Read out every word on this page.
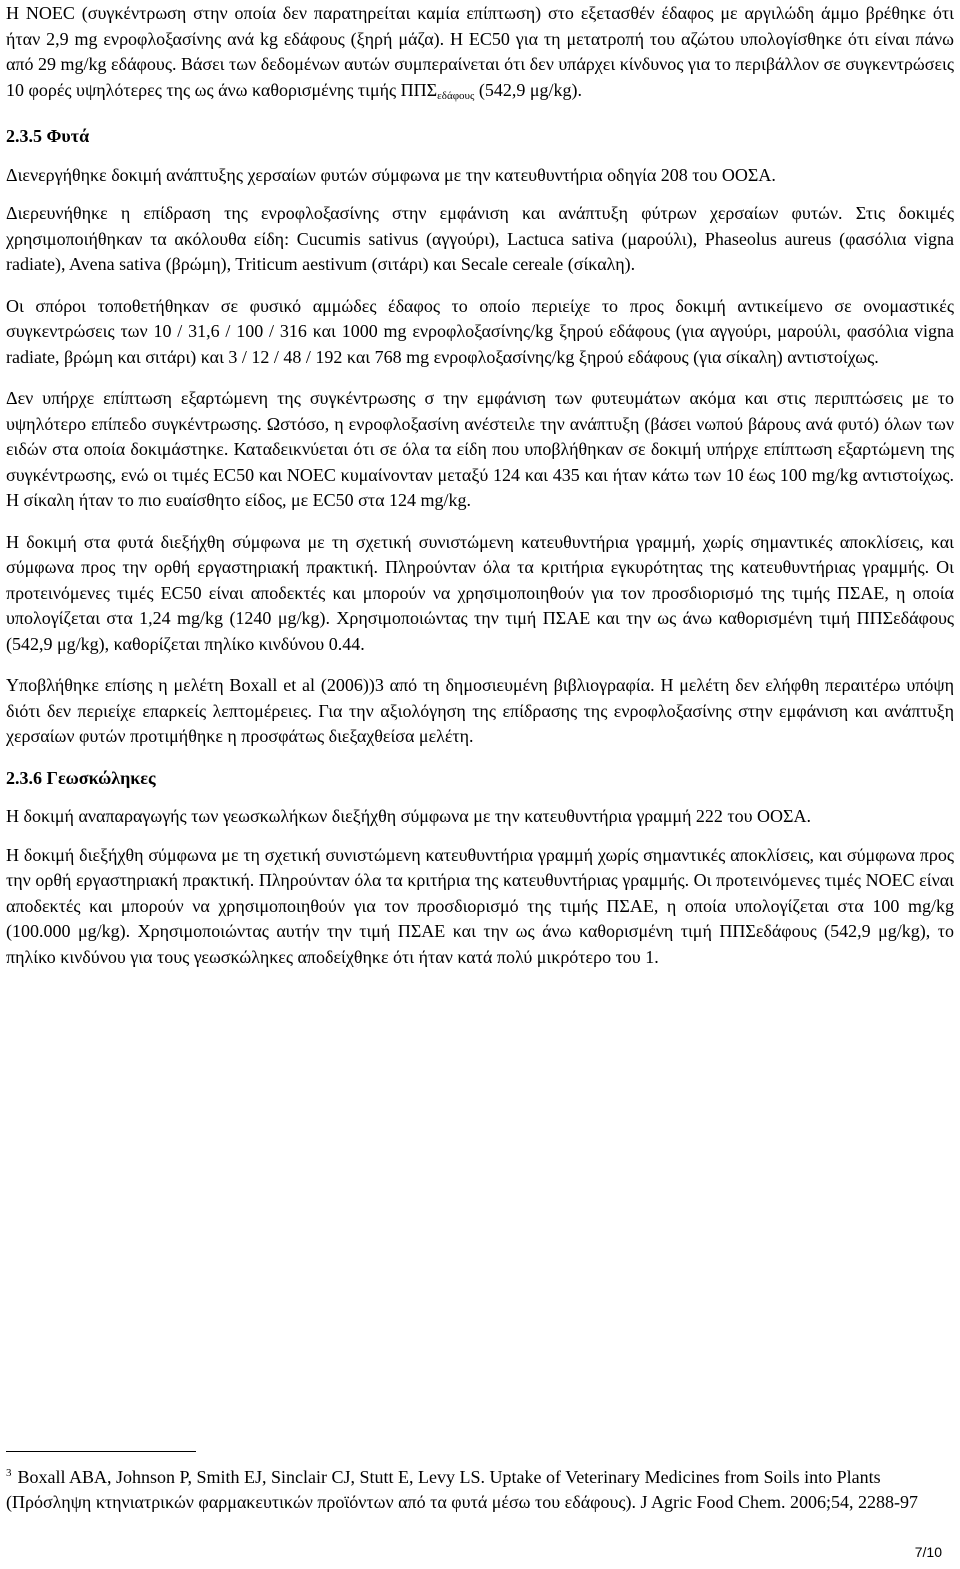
Η NOEC (συγκέντρωση στην οποία δεν παρατηρείται καμία επίπτωση) στο εξετασθέν έδαφος με αργιλώδη άμμο βρέθηκε ότι ήταν 2,9 mg ενροφλοξασίνης ανά kg εδάφους (ξηρή μάζα). Η EC50 για τη μετατροπή του αζώτου υπολογίσθηκε ότι είναι πάνω από 29 mg/kg εδάφους. Βάσει των δεδομένων αυτών συμπεραίνεται ότι δεν υπάρχει κίνδυνος για το περιβάλλον σε συγκεντρώσεις 10 φορές υψηλότερες της ως άνω καθορισμένης τιμής $\Pi\Pi\Sigma_{\varepsilon\delta ά\varphi o\upsilon\varsigma}$ (542,9 μg/kg).

2.3.5 Φυτά

Διενεργήθηκε δοκιμή ανάπτυξης χερσαίων φυτών σύμφωνα με την κατευθυντήρια οδηγία 208 του ΟΟΣΑ.

Διερευνήθηκε η επίδραση της ενροφλοξασίνης στην εμφάνιση και ανάπτυξη φύτρων χερσαίων φυτών. Στις δοκιμές χρησιμοποιήθηκαν τα ακόλουθα είδη: Cucumis sativus (αγγούρι), Lactuca sativa (μαρούλι), Phaseolus aureus (φασόλια vigna radiate), Avena sativa (βρώμη), Triticum aestivum (σιτάρι) και Secale cereale (σίκαλη).

Οι σπόροι τοποθετήθηκαν σε φυσικό αμμώδες έδαφος το οποίο περιείχε το προς δοκιμή αντικείμενο σε ονομαστικές συγκεντρώσεις των 10 / 31,6 / 100 / 316 και 1000 mg ενροφλοξασίνης/kg ξηρού εδάφους (για αγγούρι, μαρούλι, φασόλια vigna radiate, βρώμη και σιτάρι) και 3 / 12 / 48 / 192 και 768 mg ενροφλοξασίνης/kg ξηρού εδάφους (για σίκαλη) αντιστοίχως.

Δεν υπήρχε επίπτωση εξαρτώμενη της συγκέντρωσης σ την εμφάνιση των φυτευμάτων ακόμα και στις περιπτώσεις με το υψηλότερο επίπεδο συγκέντρωσης. Ωστόσο, η ενροφλοξασίνη ανέστειλε την ανάπτυξη (βάσει νωπού βάρους ανά φυτό) όλων των ειδών στα οποία δοκιμάστηκε. Καταδεικνύεται ότι σε όλα τα είδη που υποβλήθηκαν σε δοκιμή υπήρχε επίπτωση εξαρτώμενη της συγκέντρωσης, ενώ οι τιμές EC50 και NOEC κυμαίνονταν μεταξύ 124 και 435 και ήταν κάτω των 10 έως 100 mg/kg αντιστοίχως. Η σίκαλη ήταν το πιο ευαίσθητο είδος, με EC50 στα 124 mg/kg.

Η δοκιμή στα φυτά διεξήχθη σύμφωνα με τη σχετική συνιστώμενη κατευθυντήρια γραμμή, χωρίς σημαντικές αποκλίσεις, και σύμφωνα προς την ορθή εργαστηριακή πρακτική. Πληρούνταν όλα τα κριτήρια εγκυρότητας της κατευθυντήριας γραμμής. Οι προτεινόμενες τιμές EC50 είναι αποδεκτές και μπορούν να χρησιμοποιηθούν για τον προσδιορισμό της τιμής ΠΣΑΕ, η οποία υπολογίζεται στα 1,24 mg/kg (1240 μg/kg). Χρησιμοποιώντας την τιμή ΠΣΑΕ και την ως άνω καθορισμένη τιμή ΠΠΣεδάφους (542,9 μg/kg), καθορίζεται πηλίκο κινδύνου 0.44.

Υποβλήθηκε επίσης η μελέτη Boxall et al (2006))3 από τη δημοσιευμένη βιβλιογραφία. Η μελέτη δεν ελήφθη περαιτέρω υπόψη διότι δεν περιείχε επαρκείς λεπτομέρειες. Για την αξιολόγηση της επίδρασης της ενροφλοξασίνης στην εμφάνιση και ανάπτυξη χερσαίων φυτών προτιμήθηκε η προσφάτως διεξαχθείσα μελέτη.

2.3.6 Γεωσκώληκες

Η δοκιμή αναπαραγωγής των γεωσκωλήκων διεξήχθη σύμφωνα με την κατευθυντήρια γραμμή 222 του ΟΟΣΑ.

Η δοκιμή διεξήχθη σύμφωνα με τη σχετική συνιστώμενη κατευθυντήρια γραμμή χωρίς σημαντικές αποκλίσεις, και σύμφωνα προς την ορθή εργαστηριακή πρακτική. Πληρούνταν όλα τα κριτήρια της κατευθυντήριας γραμμής. Οι προτεινόμενες τιμές NOEC είναι αποδεκτές και μπορούν να χρησιμοποιηθούν για τον προσδιορισμό της τιμής ΠΣΑΕ, η οποία υπολογίζεται στα 100 mg/kg (100.000 μg/kg). Χρησιμοποιώντας αυτήν την τιμή ΠΣΑΕ και την ως άνω καθορισμένη τιμή ΠΠΣεδάφους (542,9 μg/kg), το πηλίκο κινδύνου για τους γεωσκώληκες αποδείχθηκε ότι ήταν κατά πολύ μικρότερο του 1.

$^3$ Boxall ABA, Johnson P, Smith EJ, Sinclair CJ, Stutt E, Levy LS. Uptake of Veterinary Medicines from Soils into Plants (Πρόσληψη κτηνιατρικών φαρμακευτικών προϊόντων από τα φυτά μέσω του εδάφους). J Agric Food Chem. 2006;54, 2288-97

7/10
